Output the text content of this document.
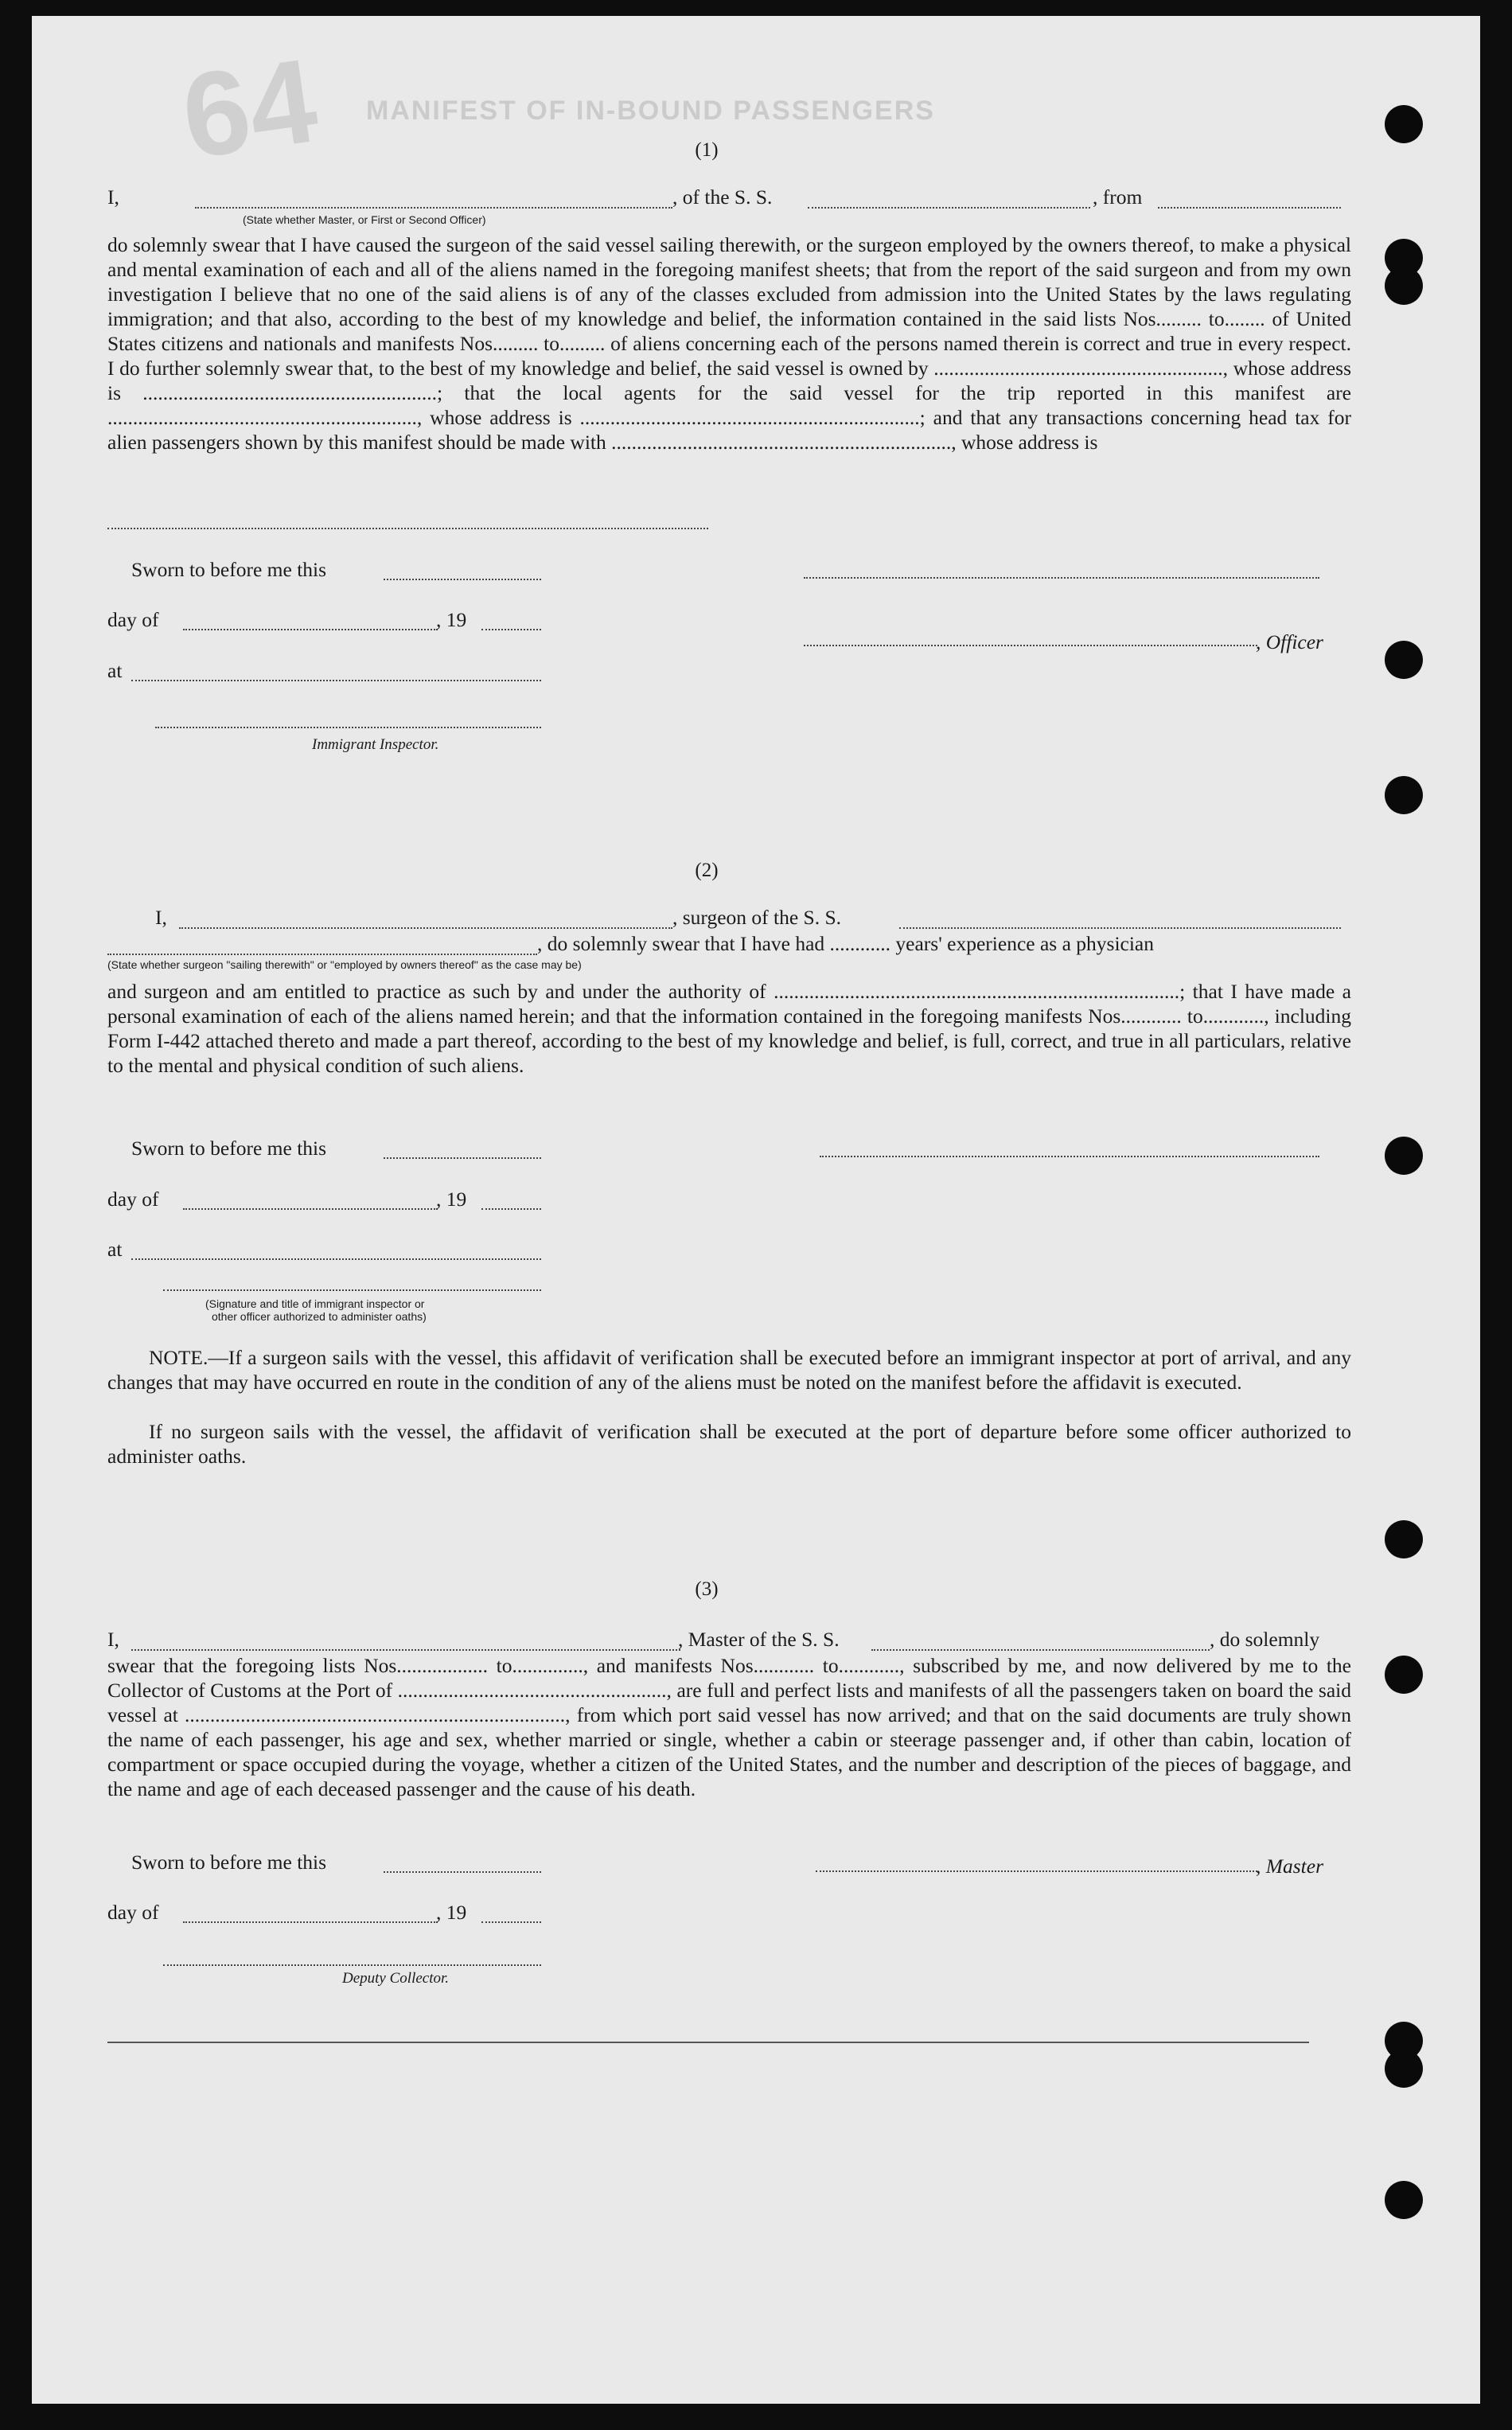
64 MANIFEST OF IN-BOUND PASSENGERS
(1)
I,	, of the S. S.	, from
(State whether Master, or First or Second Officer)
do solemnly swear that I have caused the surgeon of the said vessel sailing therewith, or the surgeon employed by the owners thereof, to make a physical and mental examination of each and all of the aliens named in the foregoing manifest sheets; that from the report of the said surgeon and from my own investigation I believe that no one of the said aliens is of any of the classes excluded from admission into the United States by the laws regulating immigration; and that also, according to the best of my knowledge and belief, the information contained in the said lists Nos......... to........ of United States citizens and nationals and manifests Nos......... to......... of aliens concerning each of the persons named therein is correct and true in every respect. I do further solemnly swear that, to the best of my knowledge and belief, the said vessel is owned by ........................................................., whose address is ..........................................................; that the local agents for the said vessel for the trip reported in this manifest are ............................................................., whose address is ...................................................................; and that any transactions concerning head tax for alien passengers shown by this manifest should be made with ..................................................................., whose address is
Sworn to before me this
day of	, 19
, Officer
at
Immigrant Inspector.
(2)
I,	, surgeon of the S. S.
, do solemnly swear that I have had ............ years' experience as a physician
(State whether surgeon "sailing therewith" or "employed by owners thereof" as the case may be)
and surgeon and am entitled to practice as such by and under the authority of ................................................................................; that I have made a personal examination of each of the aliens named herein; and that the information contained in the foregoing manifests Nos............ to............, including Form I-442 attached thereto and made a part thereof, according to the best of my knowledge and belief, is full, correct, and true in all particulars, relative to the mental and physical condition of such aliens.
Sworn to before me this
day of	, 19
at
(Signature and title of immigrant inspector or
other officer authorized to administer oaths)
NOTE.—If a surgeon sails with the vessel, this affidavit of verification shall be executed before an immigrant inspector at port of arrival, and any changes that may have occurred en route in the condition of any of the aliens must be noted on the manifest before the affidavit is executed.
If no surgeon sails with the vessel, the affidavit of verification shall be executed at the port of departure before some officer authorized to administer oaths.
(3)
I,	, Master of the S. S.	, do solemnly
swear that the foregoing lists Nos.................. to.............., and manifests Nos............ to............, subscribed by me, and now delivered by me to the Collector of Customs at the Port of ....................................................., are full and perfect lists and manifests of all the passengers taken on board the said vessel at ..........................................................................., from which port said vessel has now arrived; and that on the said documents are truly shown the name of each passenger, his age and sex, whether married or single, whether a cabin or steerage passenger and, if other than cabin, location of compartment or space occupied during the voyage, whether a citizen of the United States, and the number and description of the pieces of baggage, and the name and age of each deceased passenger and the cause of his death.
Sworn to before me this	, Master
day of	, 19
Deputy Collector.
